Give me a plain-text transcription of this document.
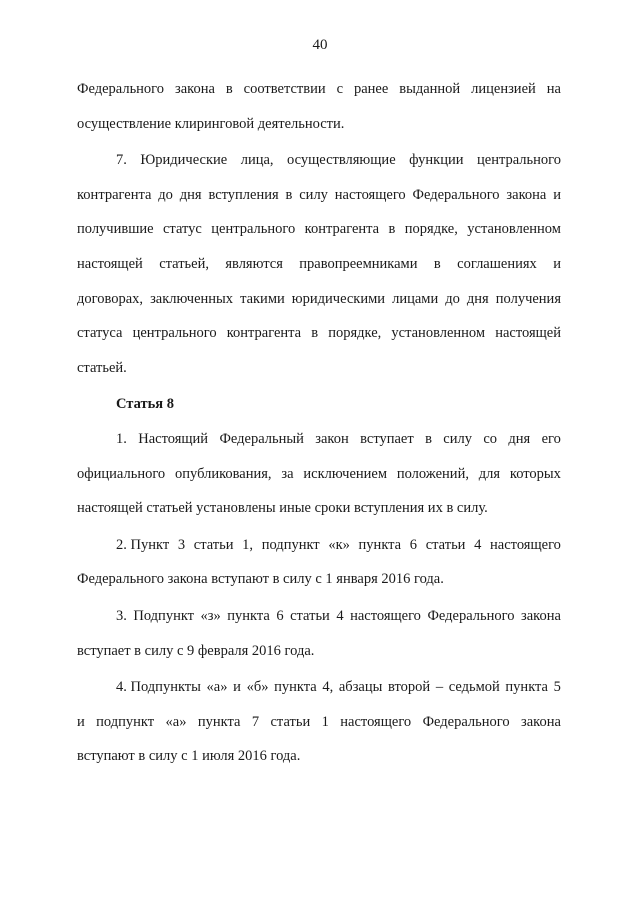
40
Федерального закона в соответствии с ранее выданной лицензией на
осуществление клиринговой деятельности.
7. Юридические лица, осуществляющие функции центрального
контрагента до дня вступления в силу настоящего Федерального закона и
получившие статус центрального контрагента в порядке, установленном
настоящей статьей, являются правопреемниками в соглашениях и
договорах, заключенных такими юридическими лицами до дня получения
статуса центрального контрагента в порядке, установленном настоящей
статьей.
Статья 8
1. Настоящий Федеральный закон вступает в силу со дня его
официального опубликования, за исключением положений, для которых
настоящей статьей установлены иные сроки вступления их в силу.
2. Пункт 3 статьи 1, подпункт «к» пункта 6 статьи 4 настоящего
Федерального закона вступают в силу с 1 января 2016 года.
3. Подпункт «з» пункта 6 статьи 4 настоящего Федерального закона
вступает в силу с 9 февраля 2016 года.
4. Подпункты «а» и «б» пункта 4, абзацы второй – седьмой пункта 5
и подпункт «а» пункта 7 статьи 1 настоящего Федерального закона
вступают в силу с 1 июля 2016 года.
